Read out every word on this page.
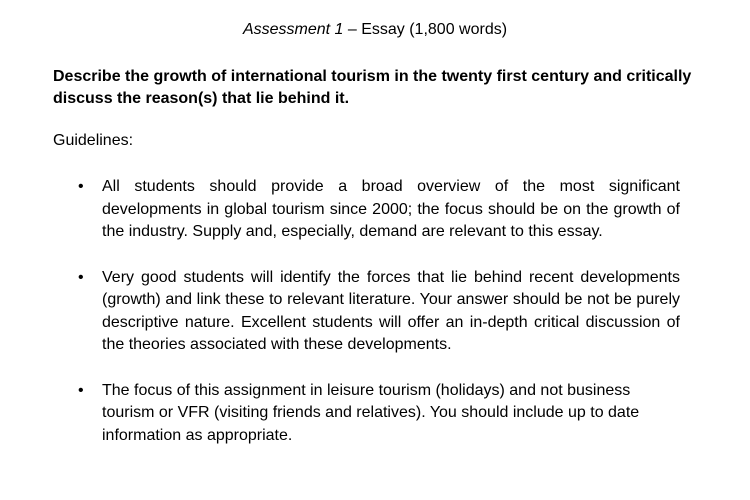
Assessment 1 – Essay (1,800 words)
Describe the growth of international tourism in the twenty first century and critically discuss the reason(s) that lie behind it.
Guidelines:
• All students should provide a broad overview of the most significant developments in global tourism since 2000; the focus should be on the growth of the industry. Supply and, especially, demand are relevant to this essay.
• Very good students will identify the forces that lie behind recent developments (growth) and link these to relevant literature. Your answer should be not be purely descriptive nature. Excellent students will offer an in-depth critical discussion of the theories associated with these developments.
• The focus of this assignment in leisure tourism (holidays) and not business tourism or VFR (visiting friends and relatives). You should include up to date information as appropriate.
